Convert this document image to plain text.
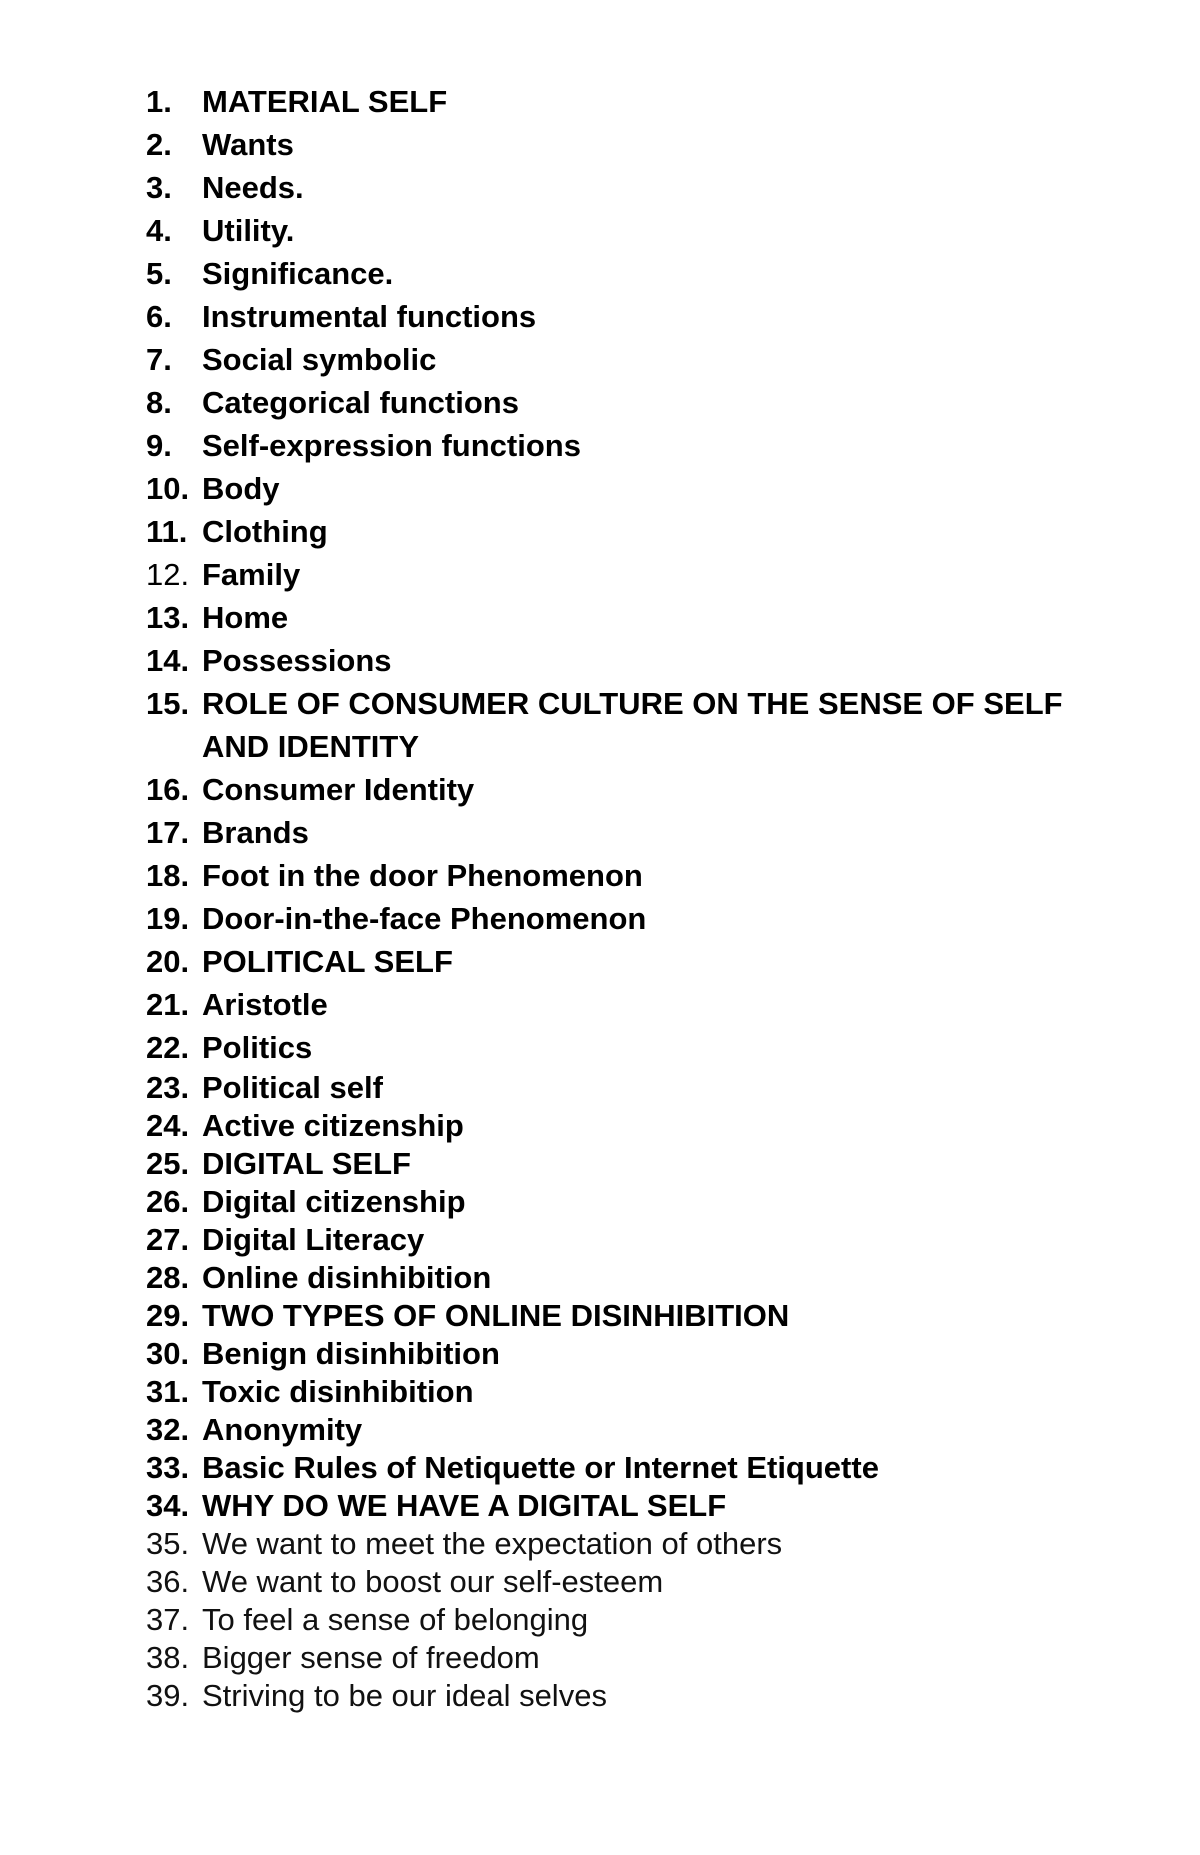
1. MATERIAL SELF
2. Wants
3. Needs.
4. Utility.
5. Significance.
6. Instrumental functions
7. Social symbolic
8. Categorical functions
9. Self-expression functions
10. Body
11. Clothing
12. Family
13. Home
14. Possessions
15. ROLE OF CONSUMER CULTURE ON THE SENSE OF SELF AND IDENTITY
16. Consumer Identity
17. Brands
18. Foot in the door Phenomenon
19. Door-in-the-face Phenomenon
20. POLITICAL SELF
21. Aristotle
22. Politics
23. Political self
24. Active citizenship
25. DIGITAL SELF
26. Digital citizenship
27. Digital Literacy
28. Online disinhibition
29. TWO TYPES OF ONLINE DISINHIBITION
30. Benign disinhibition
31. Toxic disinhibition
32. Anonymity
33. Basic Rules of Netiquette or Internet Etiquette
34. WHY DO WE HAVE A DIGITAL SELF
35. We want to meet the expectation of others
36. We want to boost our self-esteem
37. To feel a sense of belonging
38. Bigger sense of freedom
39. Striving to be our ideal selves
